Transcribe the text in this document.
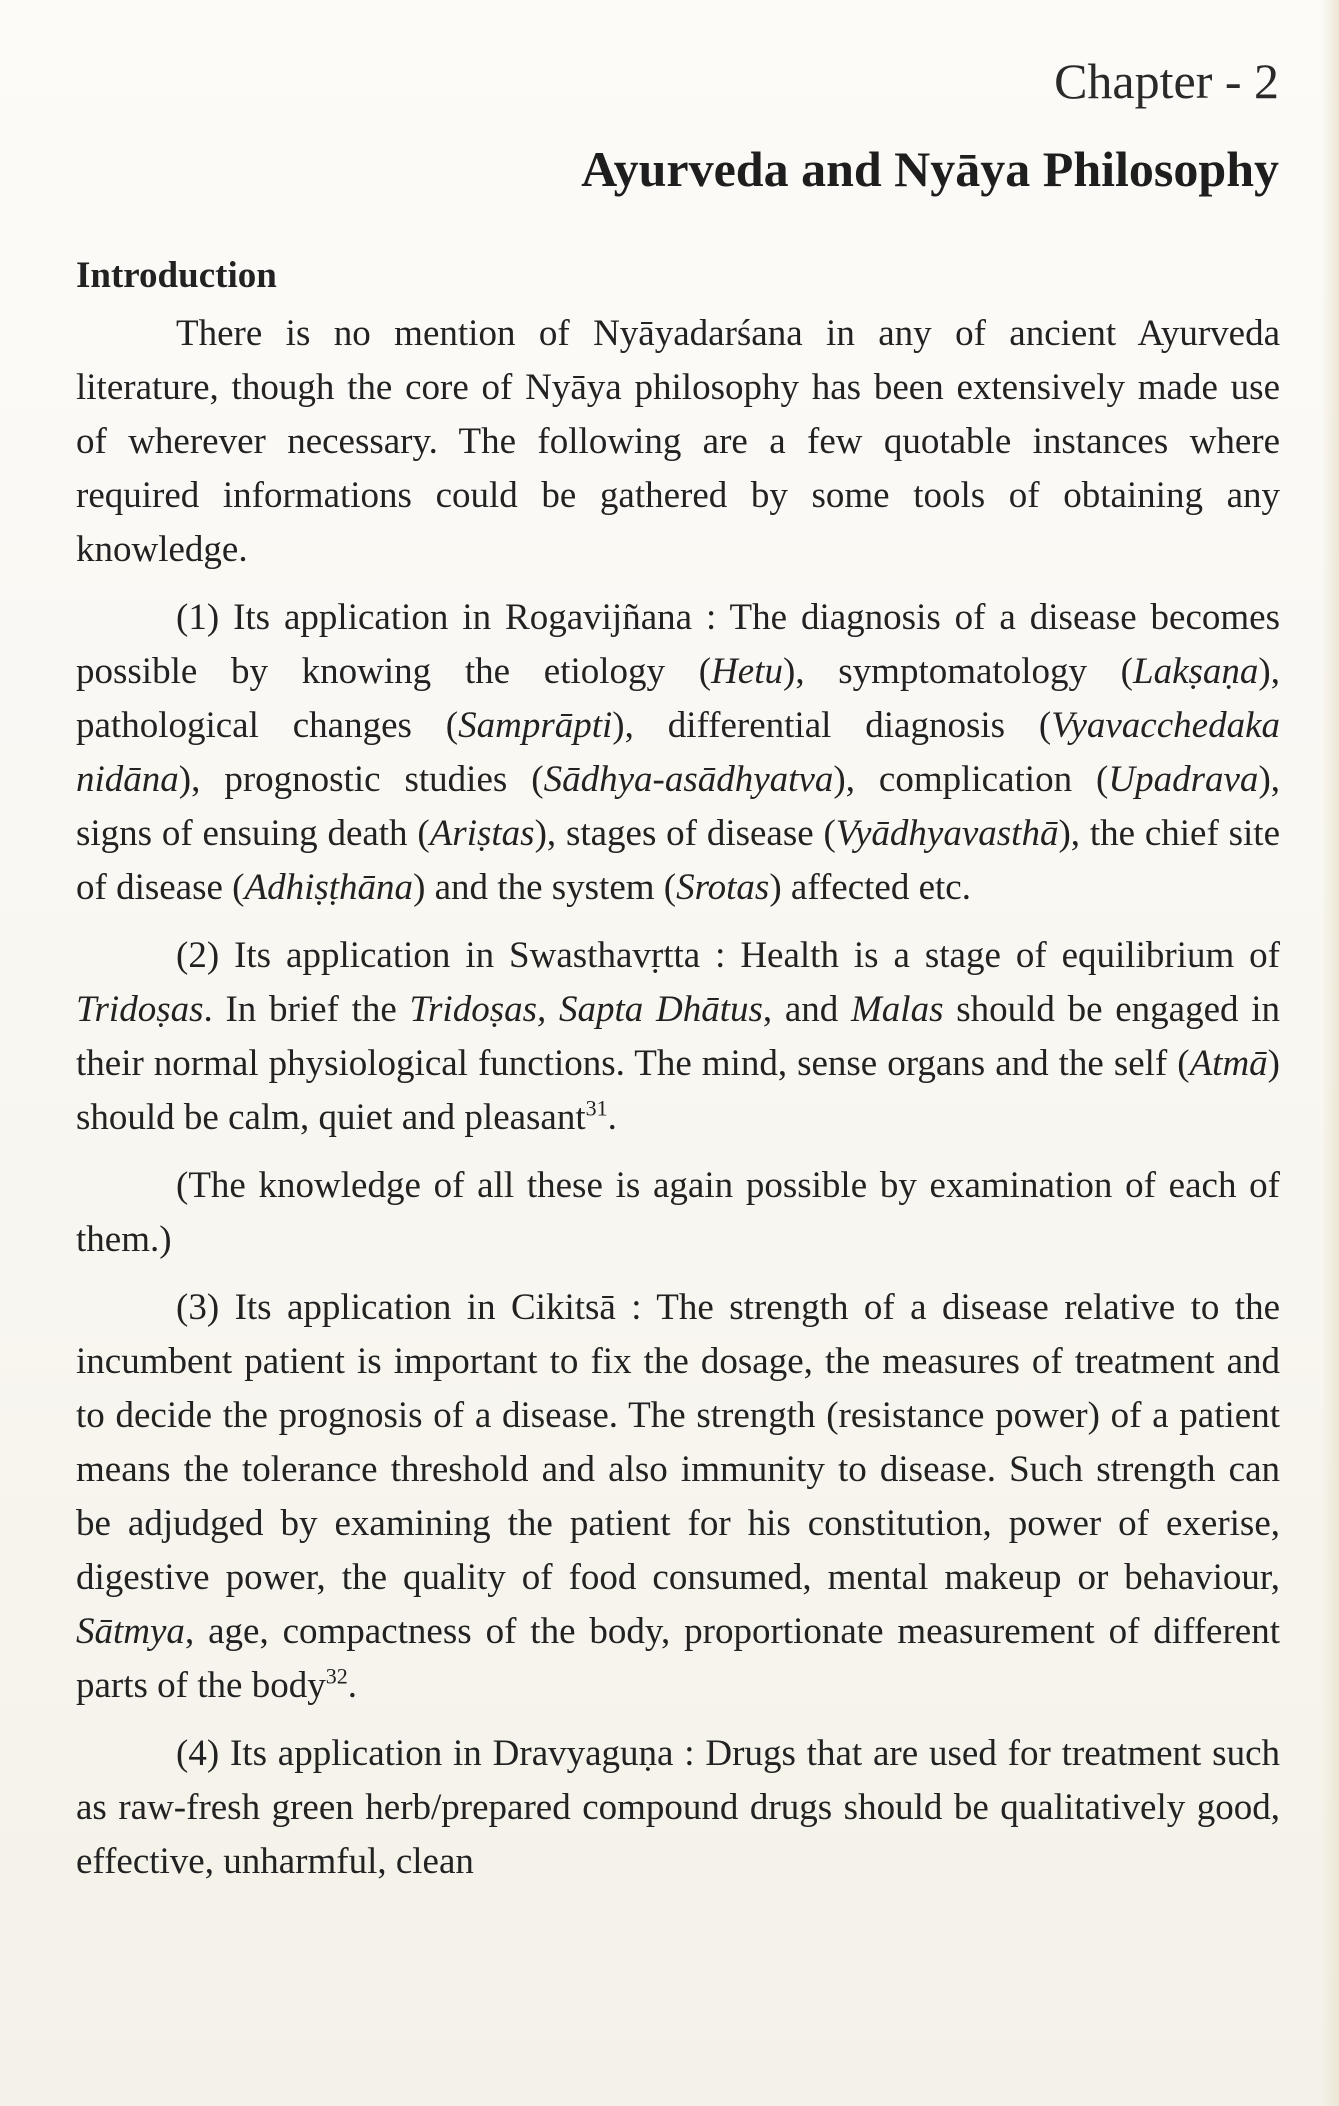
Chapter - 2
Ayurveda and Nyāya Philosophy
Introduction

There is no mention of Nyāyadarśana in any of ancient Ayurveda literature, though the core of Nyāya philosophy has been extensively made use of wherever necessary. The following are a few quotable instances where required informations could be gathered by some tools of obtaining any knowledge.

(1) Its application in Rogavijñana : The diagnosis of a disease becomes possible by knowing the etiology (Hetu), symptomatology (Lakṣaṇa), pathological changes (Samprāpti), differential diagnosis (Vyavacchedaka nidāna), prognostic studies (Sādhya-asādhyatva), complication (Upadrava), signs of ensuing death (Ariṣtas), stages of disease (Vyādhyavasthā), the chief site of disease (Adhiṣṭhāna) and the system (Srotas) affected etc.

(2) Its application in Swasthavṛtta : Health is a stage of equilibrium of Tridoṣas. In brief the Tridoṣas, Sapta Dhātus, and Malas should be engaged in their normal physiological functions. The mind, sense organs and the self (Atmā) should be calm, quiet and pleasant$^{31}$.

(The knowledge of all these is again possible by examination of each of them.)

(3) Its application in Cikitsā : The strength of a disease relative to the incumbent patient is important to fix the dosage, the measures of treatment and to decide the prognosis of a disease. The strength (resistance power) of a patient means the tolerance threshold and also immunity to disease. Such strength can be adjudged by examining the patient for his constitution, power of exerise, digestive power, the quality of food consumed, mental makeup or behaviour, Sātmya, age, compactness of the body, proportionate measurement of different parts of the body$^{32}$.

(4) Its application in Dravyaguṇa : Drugs that are used for treatment such as raw-fresh green herb/prepared compound drugs should be qualitatively good, effective, unharmful, clean
